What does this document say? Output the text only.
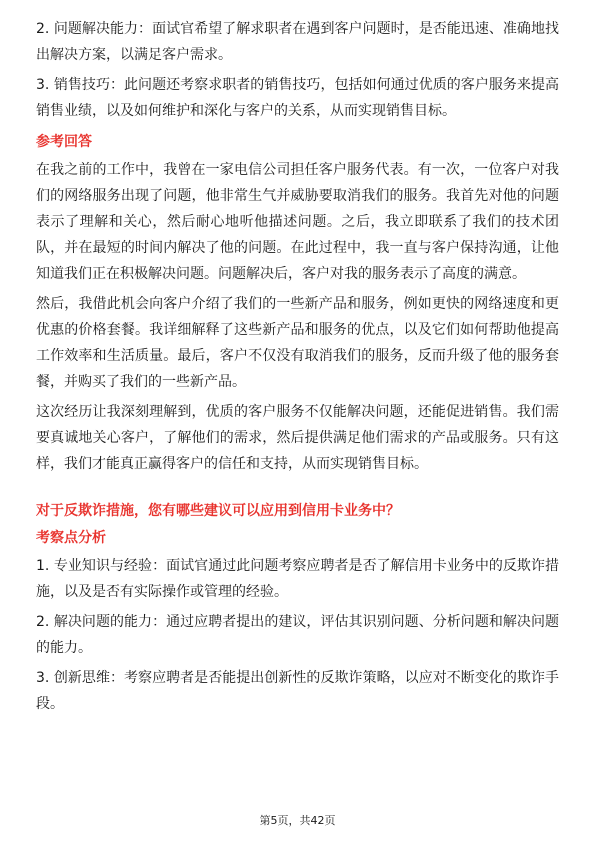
2. 问题解决能力：面试官希望了解求职者在遇到客户问题时，是否能迅速、准确地找出解决方案，以满足客户需求。

3. 销售技巧：此问题还考察求职者的销售技巧，包括如何通过优质的客户服务来提高销售业绩，以及如何维护和深化与客户的关系，从而实现销售目标。

参考回答

在我之前的工作中，我曾在一家电信公司担任客户服务代表。有一次，一位客户对我们的网络服务出现了问题，他非常生气并威胁要取消我们的服务。我首先对他的问题表示了理解和关心，然后耐心地听他描述问题。之后，我立即联系了我们的技术团队，并在最短的时间内解决了他的问题。在此过程中，我一直与客户保持沟通，让他知道我们正在积极解决问题。问题解决后，客户对我的服务表示了高度的满意。

然后，我借此机会向客户介绍了我们的一些新产品和服务，例如更快的网络速度和更优惠的价格套餐。我详细解释了这些新产品和服务的优点，以及它们如何帮助他提高工作效率和生活质量。最后，客户不仅没有取消我们的服务，反而升级了他的服务套餐，并购买了我们的一些新产品。

这次经历让我深刻理解到，优质的客户服务不仅能解决问题，还能促进销售。我们需要真诚地关心客户，了解他们的需求，然后提供满足他们需求的产品或服务。只有这样，我们才能真正赢得客户的信任和支持，从而实现销售目标。

对于反欺诈措施，您有哪些建议可以应用到信用卡业务中？
考察点分析

1. 专业知识与经验：面试官通过此问题考察应聘者是否了解信用卡业务中的反欺诈措施，以及是否有实际操作或管理的经验。

2. 解决问题的能力：通过应聘者提出的建议，评估其识别问题、分析问题和解决问题的能力。

3. 创新思维：考察应聘者是否能提出创新性的反欺诈策略，以应对不断变化的欺诈手段。

第5页，共42页
